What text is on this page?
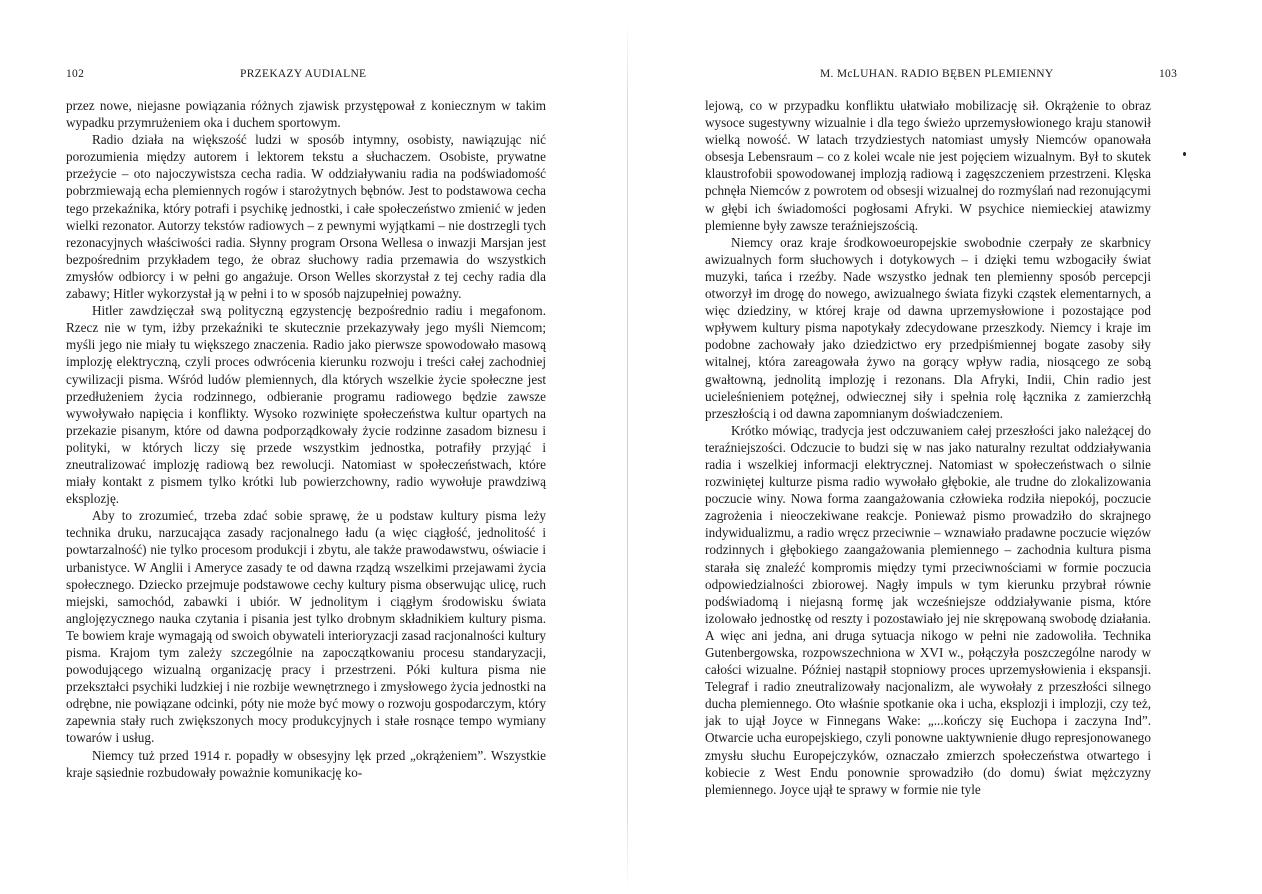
102	PRZEKAZY AUDIALNE

przez nowe, niejasne powiązania różnych zjawisk przystępował z koniecznym w takim wypadku przymrużeniem oka i duchem sportowym.

Radio działa na większość ludzi w sposób intymny, osobisty, nawiązując nić porozumienia między autorem i lektorem tekstu a słuchaczem. Osobiste, prywatne przeżycie – oto najoczywistsza cecha radia. W oddziaływaniu radia na podświadomość pobrzmiewają echa plemiennych rogów i starożytnych bębnów. Jest to podstawowa cecha tego przekaźnika, który potrafi i psychikę jednostki, i całe społeczeństwo zmienić w jeden wielki rezonator. Autorzy tekstów radiowych – z pewnymi wyjątkami – nie dostrzegli tych rezonacyjnych właściwości radia. Słynny program Orsona Wellesa o inwazji Marsjan jest bezpośrednim przykładem tego, że obraz słuchowy radia przemawia do wszystkich zmysłów odbiorcy i w pełni go angażuje. Orson Welles skorzystał z tej cechy radia dla zabawy; Hitler wykorzystał ją w pełni i to w sposób najzupełniej poważny.

Hitler zawdzięczał swą polityczną egzystencję bezpośrednio radiu i megafonom. Rzecz nie w tym, iżby przekaźniki te skutecznie przekazywały jego myśli Niemcom; myśli jego nie miały tu większego znaczenia. Radio jako pierwsze spowodowało masową implozję elektryczną, czyli proces odwrócenia kierunku rozwoju i treści całej zachodniej cywilizacji pisma. Wśród ludów plemiennych, dla których wszelkie życie społeczne jest przedłużeniem życia rodzinnego, odbieranie programu radiowego będzie zawsze wywoływało napięcia i konflikty. Wysoko rozwinięte społeczeństwa kultur opartych na przekazie pisanym, które od dawna podporządkowały życie rodzinne zasadom biznesu i polityki, w których liczy się przede wszystkim jednostka, potrafiły przyjąć i zneutralizować implozję radiową bez rewolucji. Natomiast w społeczeństwach, które miały kontakt z pismem tylko krótki lub powierzchowny, radio wywołuje prawdziwą eksplozję.

Aby to zrozumieć, trzeba zdać sobie sprawę, że u podstaw kultury pisma leży technika druku, narzucająca zasady racjonalnego ładu (a więc ciągłość, jednolitość i powtarzalność) nie tylko procesom produkcji i zbytu, ale także prawodawstwu, oświacie i urbanistyce. W Anglii i Ameryce zasady te od dawna rządzą wszelkimi przejawami życia społecznego. Dziecko przejmuje podstawowe cechy kultury pisma obserwując ulicę, ruch miejski, samochód, zabawki i ubiór. W jednolitym i ciągłym środowisku świata anglojęzycznego nauka czytania i pisania jest tylko drobnym składnikiem kultury pisma. Te bowiem kraje wymagają od swoich obywateli interioryzacji zasad racjonalności kultury pisma. Krajom tym zależy szczególnie na zapoczątkowaniu procesu standaryzacji, powodującego wizualną organizację pracy i przestrzeni. Póki kultura pisma nie przekształci psychiki ludzkiej i nie rozbije wewnętrznego i zmysłowego życia jednostki na odrębne, nie powiązane odcinki, póty nie może być mowy o rozwoju gospodarczym, który zapewnia stały ruch zwiększonych mocy produkcyjnych i stałe rosnące tempo wymiany towarów i usług.

Niemcy tuż przed 1914 r. popadły w obsesyjny lęk przed „okrążeniem”. Wszystkie kraje sąsiednie rozbudowały poważnie komunikację ko-

M. McLUHAN. RADIO BĘBEN PLEMIENNY	103

lejową, co w przypadku konfliktu ułatwiało mobilizację sił. Okrążenie to obraz wysoce sugestywny wizualnie i dla tego świeżo uprzemysłowionego kraju stanowił wielką nowość. W latach trzydziestych natomiast umysły Niemców opanowała obsesja Lebensraum – co z kolei wcale nie jest pojęciem wizualnym. Był to skutek klaustrofobii spowodowanej implozją radiową i zagęszczeniem przestrzeni. Klęska pchnęła Niemców z powrotem od obsesji wizualnej do rozmyślań nad rezonującymi w głębi ich świadomości pogłosami Afryki. W psychice niemieckiej atawizmy plemienne były zawsze teraźniejszością.

Niemcy oraz kraje środkowoeuropejskie swobodnie czerpały ze skarbnicy awizualnych form słuchowych i dotykowych – i dzięki temu wzbogaciły świat muzyki, tańca i rzeźby. Nade wszystko jednak ten plemienny sposób percepcji otworzył im drogę do nowego, awizualnego świata fizyki cząstek elementarnych, a więc dziedziny, w której kraje od dawna uprzemysłowione i pozostające pod wpływem kultury pisma napotykały zdecydowane przeszkody. Niemcy i kraje im podobne zachowały jako dziedzictwo ery przedpiśmiennej bogate zasoby siły witalnej, która zareagowała żywo na gorący wpływ radia, niosącego ze sobą gwałtowną, jednolitą implozję i rezonans. Dla Afryki, Indii, Chin radio jest ucieleśnieniem potężnej, odwiecznej siły i spełnia rolę łącznika z zamierzchłą przeszłością i od dawna zapomnianym doświadczeniem.

Krótko mówiąc, tradycja jest odczuwaniem całej przeszłości jako należącej do teraźniejszości. Odczucie to budzi się w nas jako naturalny rezultat oddziaływania radia i wszelkiej informacji elektrycznej. Natomiast w społeczeństwach o silnie rozwiniętej kulturze pisma radio wywołało głębokie, ale trudne do zlokalizowania poczucie winy. Nowa forma zaangażowania człowieka rodziła niepokój, poczucie zagrożenia i nieoczekiwane reakcje. Ponieważ pismo prowadziło do skrajnego indywidualizmu, a radio wręcz przeciwnie – wznawiało pradawne poczucie więzów rodzinnych i głębokiego zaangażowania plemiennego – zachodnia kultura pisma starała się znaleźć kompromis między tymi przeciwnościami w formie poczucia odpowiedzialności zbiorowej. Nagły impuls w tym kierunku przybrał równie podświadomą i niejasną formę jak wcześniejsze oddziaływanie pisma, które izolowało jednostkę od reszty i pozostawiało jej nie skrępowaną swobodę działania. A więc ani jedna, ani druga sytuacja nikogo w pełni nie zadowoliła. Technika Gutenbergowska, rozpowszechniona w XVI w., połączyła poszczególne narody w całości wizualne. Później nastąpił stopniowy proces uprzemysłowienia i ekspansji. Telegraf i radio zneutralizowały nacjonalizm, ale wywołały z przeszłości silnego ducha plemiennego. Oto właśnie spotkanie oka i ucha, eksplozji i implozji, czy też, jak to ujął Joyce w Finnegans Wake: „...kończy się Euchopa i zaczyna Ind”. Otwarcie ucha europejskiego, czyli ponowne uaktywnienie długo represjonowanego zmysłu słuchu Europejczyków, oznaczało zmierzch społeczeństwa otwartego i kobiecie z West Endu ponownie sprowadziło (do domu) świat mężczyzny plemiennego. Joyce ujął te sprawy w formie nie tyle
